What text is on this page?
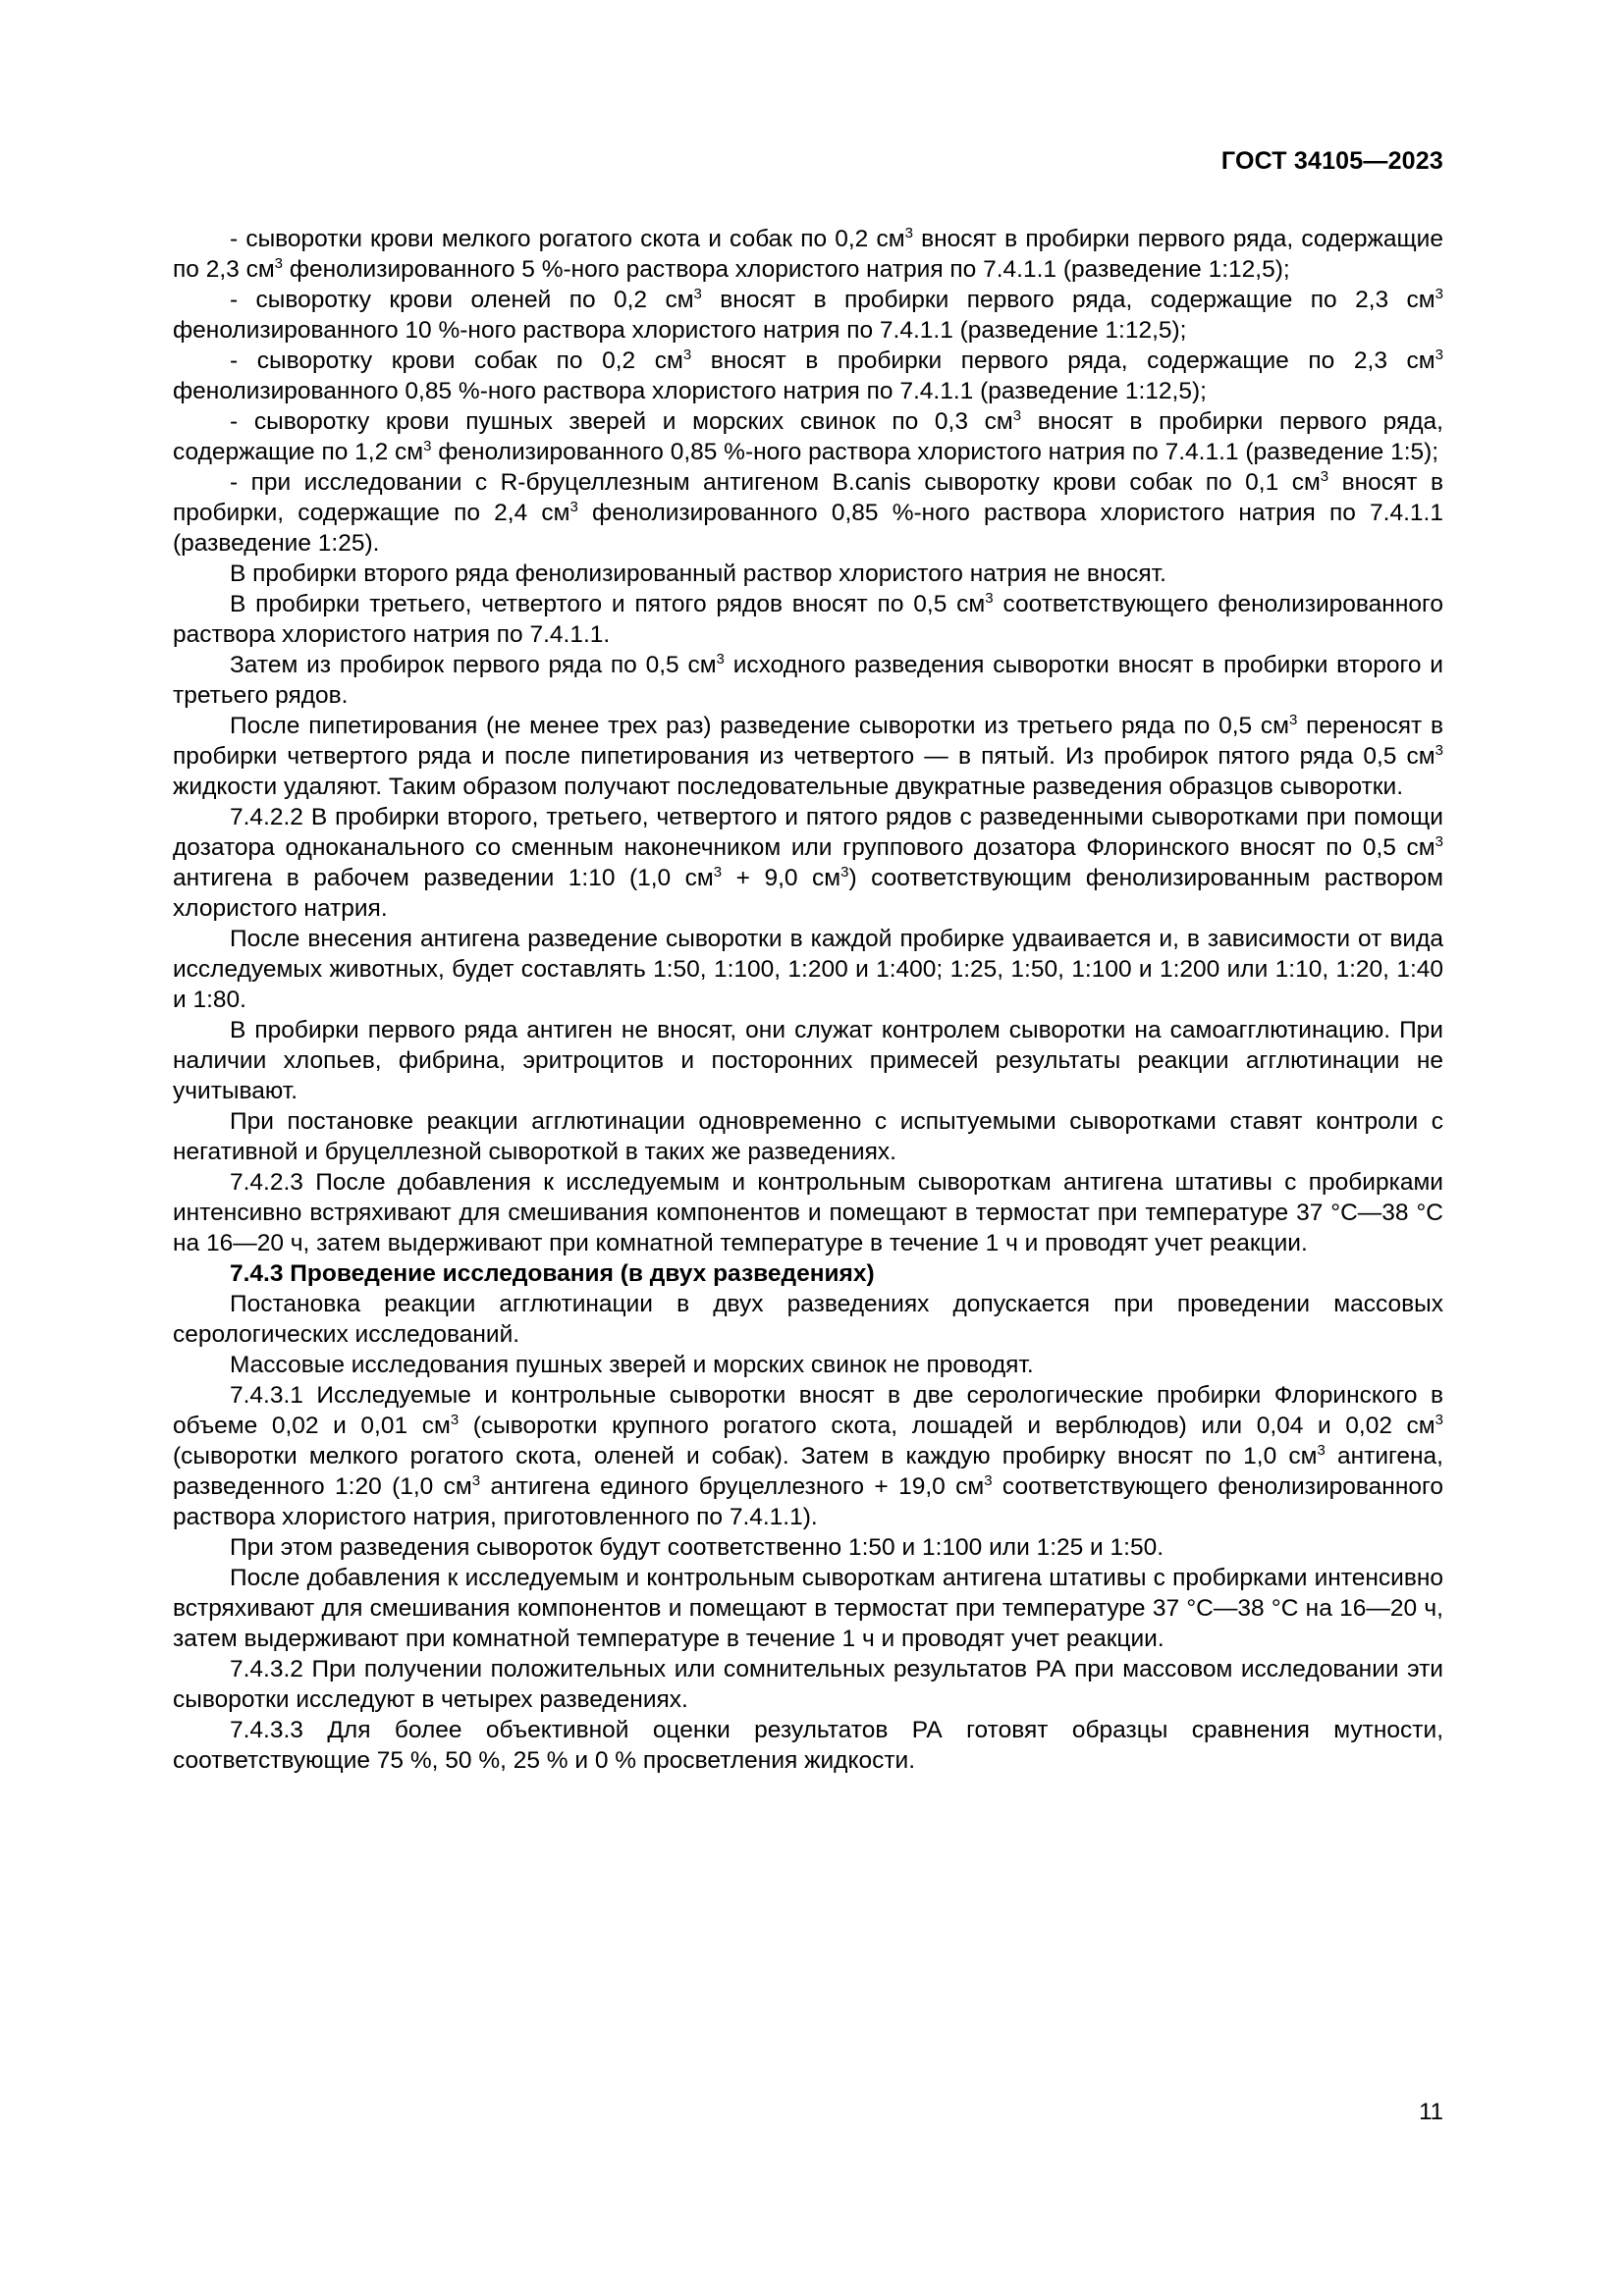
ГОСТ 34105—2023

- сыворотки крови мелкого рогатого скота и собак по 0,2 $см^3$ вносят в пробирки первого ряда, содержащие по 2,3 $см^3$ фенолизированного 5 %-ного раствора хлористого натрия по 7.4.1.1 (разведение 1:12,5);

- сыворотку крови оленей по 0,2 $см^3$ вносят в пробирки первого ряда, содержащие по 2,3 $см^3$ фенолизированного 10 %-ного раствора хлористого натрия по 7.4.1.1 (разведение 1:12,5);

- сыворотку крови собак по 0,2 $см^3$ вносят в пробирки первого ряда, содержащие по 2,3 $см^3$ фенолизированного 0,85 %-ного раствора хлористого натрия по 7.4.1.1 (разведение 1:12,5);

- сыворотку крови пушных зверей и морских свинок по 0,3 $см^3$ вносят в пробирки первого ряда, содержащие по 1,2 $см^3$ фенолизированного 0,85 %-ного раствора хлористого натрия по 7.4.1.1 (разведение 1:5);

- при исследовании с R-бруцеллезным антигеном B.canis сыворотку крови собак по 0,1 $см^3$ вносят в пробирки, содержащие по 2,4 $см^3$ фенолизированного 0,85 %-ного раствора хлористого натрия по 7.4.1.1 (разведение 1:25).

В пробирки второго ряда фенолизированный раствор хлористого натрия не вносят.

В пробирки третьего, четвертого и пятого рядов вносят по 0,5 $см^3$ соответствующего фенолизированного раствора хлористого натрия по 7.4.1.1.

Затем из пробирок первого ряда по 0,5 $см^3$ исходного разведения сыворотки вносят в пробирки второго и третьего рядов.

После пипетирования (не менее трех раз) разведение сыворотки из третьего ряда по 0,5 $см^3$ переносят в пробирки четвертого ряда и после пипетирования из четвертого — в пятый. Из пробирок пятого ряда 0,5 $см^3$ жидкости удаляют. Таким образом получают последовательные двукратные разведения образцов сыворотки.

7.4.2.2 В пробирки второго, третьего, четвертого и пятого рядов с разведенными сыворотками при помощи дозатора одноканального со сменным наконечником или группового дозатора Флоринского вносят по 0,5 $см^3$ антигена в рабочем разведении 1:10 (1,0 $см^3 + 9,0$ $см^3$) соответствующим фенолизированным раствором хлористого натрия.

После внесения антигена разведение сыворотки в каждой пробирке удваивается и, в зависимости от вида исследуемых животных, будет составлять 1:50, 1:100, 1:200 и 1:400; 1:25, 1:50, 1:100 и 1:200 или 1:10, 1:20, 1:40 и 1:80.

В пробирки первого ряда антиген не вносят, они служат контролем сыворотки на самоагглютинацию. При наличии хлопьев, фибрина, эритроцитов и посторонних примесей результаты реакции агглютинации не учитывают.

При постановке реакции агглютинации одновременно с испытуемыми сыворотками ставят контроли с негативной и бруцеллезной сывороткой в таких же разведениях.

7.4.2.3 После добавления к исследуемым и контрольным сывороткам антигена штативы с пробирками интенсивно встряхивают для смешивания компонентов и помещают в термостат при температуре 37 °С—38 °С на 16—20 ч, затем выдерживают при комнатной температуре в течение 1 ч и проводят учет реакции.

7.4.3 Проведение исследования (в двух разведениях)

Постановка реакции агглютинации в двух разведениях допускается при проведении массовых серологических исследований.

Массовые исследования пушных зверей и морских свинок не проводят.

7.4.3.1 Исследуемые и контрольные сыворотки вносят в две серологические пробирки Флоринского в объеме 0,02 и 0,01 $см^3$ (сыворотки крупного рогатого скота, лошадей и верблюдов) или 0,04 и 0,02 $см^3$ (сыворотки мелкого рогатого скота, оленей и собак). Затем в каждую пробирку вносят по 1,0 $см^3$ антигена, разведенного 1:20 (1,0 $см^3$ антигена единого бруцеллезного + 19,0 $см^3$ соответствующего фенолизированного раствора хлористого натрия, приготовленного по 7.4.1.1).

При этом разведения сывороток будут соответственно 1:50 и 1:100 или 1:25 и 1:50.

После добавления к исследуемым и контрольным сывороткам антигена штативы с пробирками интенсивно встряхивают для смешивания компонентов и помещают в термостат при температуре 37 °С—38 °С на 16—20 ч, затем выдерживают при комнатной температуре в течение 1 ч и проводят учет реакции.

7.4.3.2 При получении положительных или сомнительных результатов РА при массовом исследовании эти сыворотки исследуют в четырех разведениях.

7.4.3.3 Для более объективной оценки результатов РА готовят образцы сравнения мутности, соответствующие 75 %, 50 %, 25 % и 0 % просветления жидкости.

11
